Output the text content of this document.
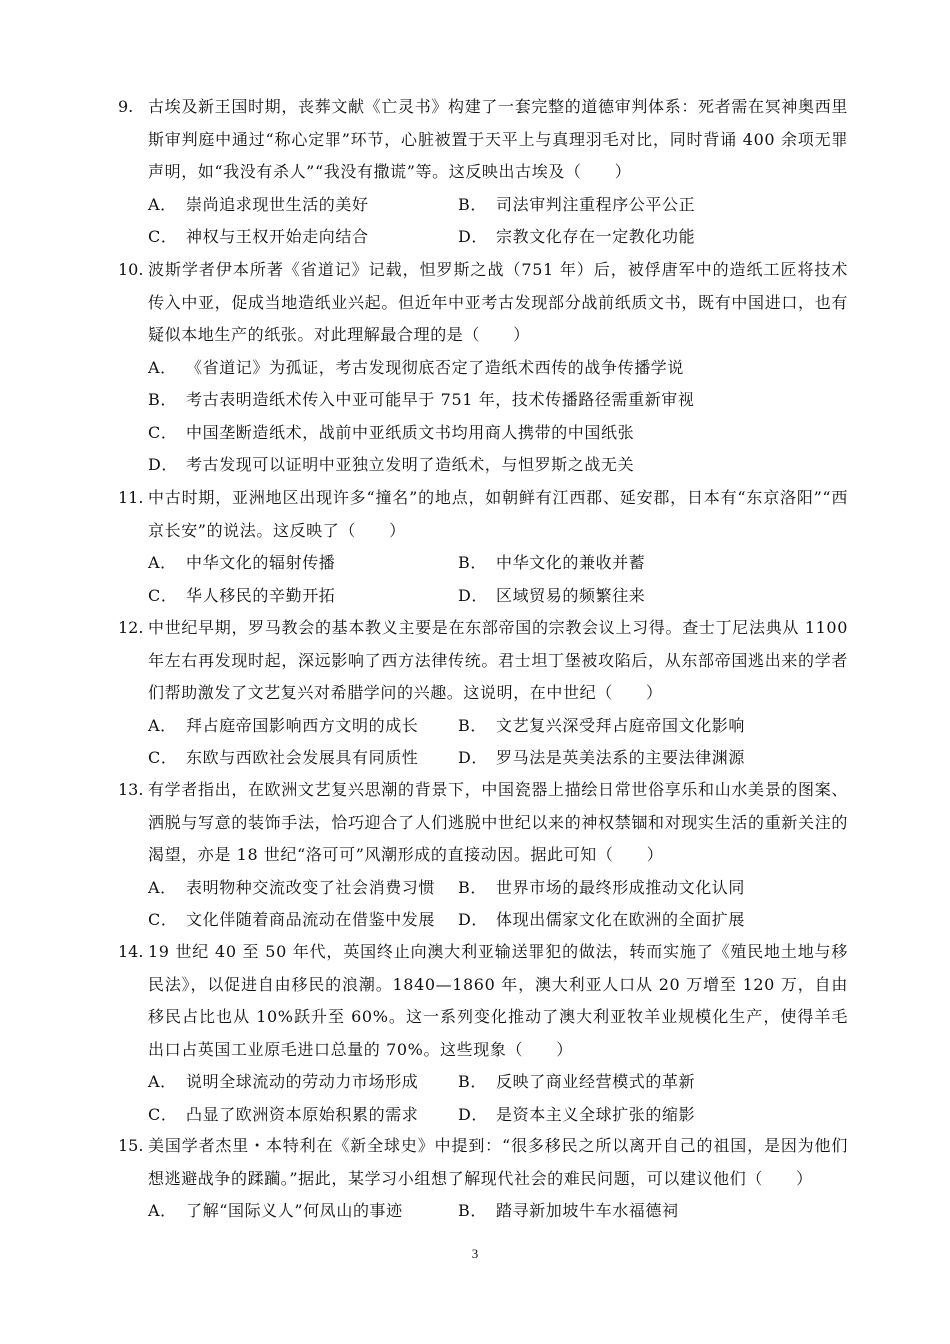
9. 古埃及新王国时期，丧葬文献《亡灵书》构建了一套完整的道德审判体系：死者需在冥神奥西里斯审判庭中通过“称心定罪”环节，心脏被置于天平上与真理羽毛对比，同时背诵 400 余项无罪声明，如“我没有杀人”“我没有撒谎”等。这反映出古埃及（　　）
A． 崇尚追求现世生活的美好	B． 司法审判注重程序公平公正
C． 神权与王权开始走向结合	D． 宗教文化存在一定教化功能
10. 波斯学者伊本所著《省道记》记载，怛罗斯之战（751 年）后，被俘唐军中的造纸工匠将技术传入中亚，促成当地造纸业兴起。但近年中亚考古发现部分战前纸质文书，既有中国进口，也有疑似本地生产的纸张。对此理解最合理的是（　　）
A． 《省道记》为孤证，考古发现彻底否定了造纸术西传的战争传播学说
B． 考古表明造纸术传入中亚可能早于 751 年，技术传播路径需重新审视
C． 中国垄断造纸术，战前中亚纸质文书均用商人携带的中国纸张
D． 考古发现可以证明中亚独立发明了造纸术，与怛罗斯之战无关
11. 中古时期，亚洲地区出现许多“撞名”的地点，如朝鲜有江西郡、延安郡，日本有“东京洛阳”“西京长安”的说法。这反映了（　　）
A． 中华文化的辐射传播	B． 中华文化的兼收并蓄
C． 华人移民的辛勤开拓	D． 区域贸易的频繁往来
12. 中世纪早期，罗马教会的基本教义主要是在东部帝国的宗教会议上习得。查士丁尼法典从 1100 年左右再发现时起，深远影响了西方法律传统。君士坦丁堡被攻陷后，从东部帝国逃出来的学者们帮助激发了文艺复兴对希腊学问的兴趣。这说明，在中世纪（　　）
A． 拜占庭帝国影响西方文明的成长 B． 文艺复兴深受拜占庭帝国文化影响
C． 东欧与西欧社会发展具有同质性 D． 罗马法是英美法系的主要法律渊源
13. 有学者指出，在欧洲文艺复兴思潮的背景下，中国瓷器上描绘日常世俗享乐和山水美景的图案、洒脱与写意的装饰手法，恰巧迎合了人们逃脱中世纪以来的神权禁锢和对现实生活的重新关注的渴望，亦是 18 世纪“洛可可”风潮形成的直接动因。据此可知（　　）
A． 表明物种交流改变了社会消费习惯 B． 世界市场的最终形成推动文化认同
C． 文化伴随着商品流动在借鉴中发展 D． 体现出儒家文化在欧洲的全面扩展
14. 19 世纪 40 至 50 年代，英国终止向澳大利亚输送罪犯的做法，转而实施了《殖民地土地与移民法》，以促进自由移民的浪潮。1840—1860 年，澳大利亚人口从 20 万增至 120 万，自由移民占比也从 10%跃升至 60%。这一系列变化推动了澳大利亚牧羊业规模化生产，使得羊毛出口占英国工业原毛进口总量的 70%。这些现象（　　）
A． 说明全球流动的劳动力市场形成 B． 反映了商业经营模式的革新
C． 凸显了欧洲资本原始积累的需求 D． 是资本主义全球扩张的缩影
15. 美国学者杰里・本特利在《新全球史》中提到：“很多移民之所以离开自己的祖国，是因为他们想逃避战争的蹂躏。”据此，某学习小组想了解现代社会的难民问题，可以建议他们（　　）
A． 了解“国际义人”何凤山的事迹	B． 踏寻新加坡牛车水福德祠
3
